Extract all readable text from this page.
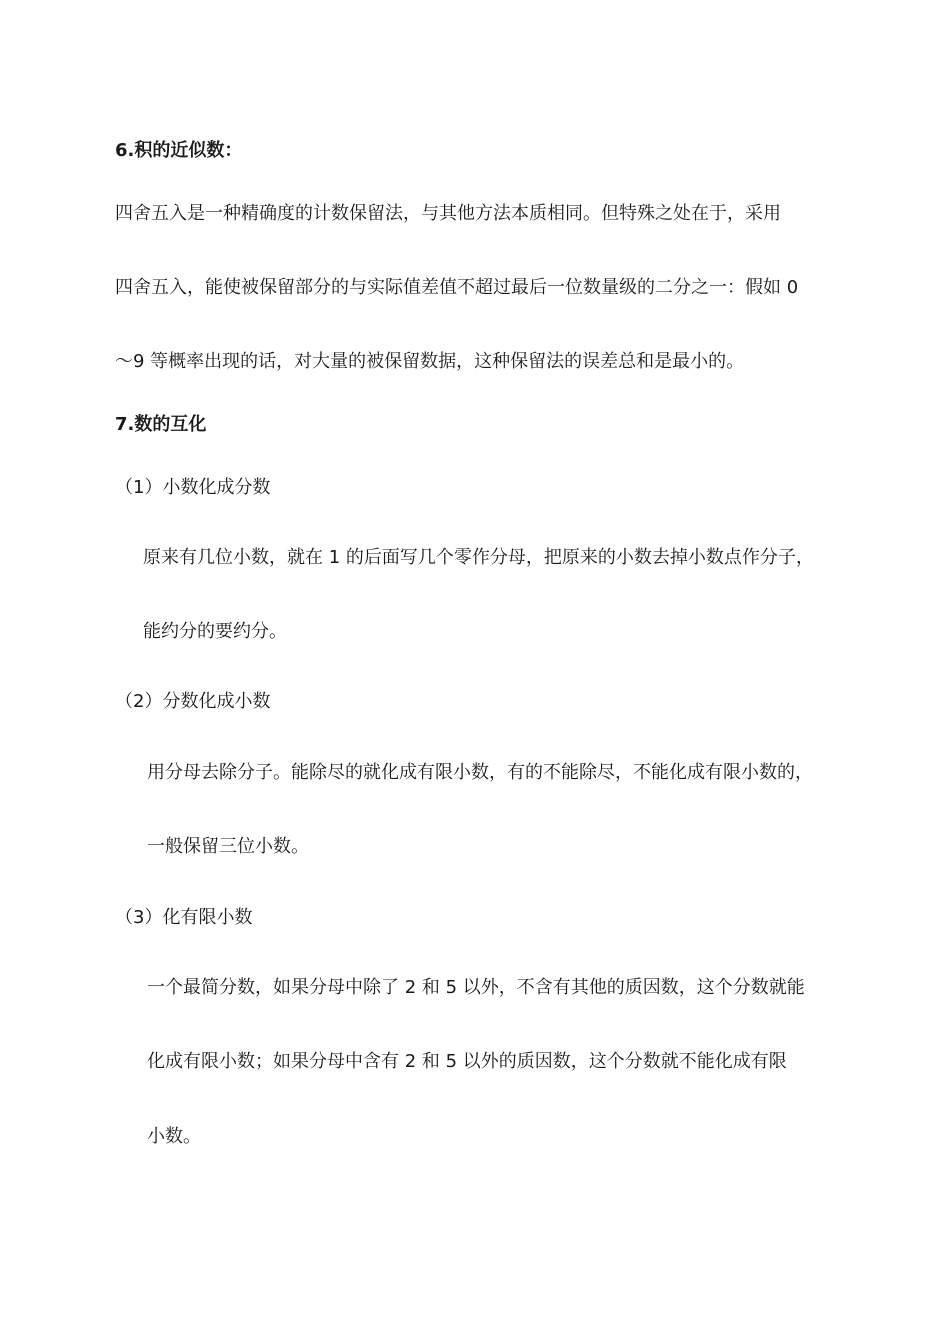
6.积的近似数：
四舍五入是一种精确度的计数保留法，与其他方法本质相同。但特殊之处在于，采用
四舍五入，能使被保留部分的与实际值差值不超过最后一位数量级的二分之一：假如 0
～9 等概率出现的话，对大量的被保留数据，这种保留法的误差总和是最小的。
7.数的互化
（1）小数化成分数
原来有几位小数，就在 1 的后面写几个零作分母，把原来的小数去掉小数点作分子，
能约分的要约分。
（2）分数化成小数
用分母去除分子。能除尽的就化成有限小数，有的不能除尽，不能化成有限小数的，
一般保留三位小数。
（3）化有限小数
一个最简分数，如果分母中除了 2 和 5 以外，不含有其他的质因数，这个分数就能
化成有限小数；如果分母中含有 2 和 5 以外的质因数，这个分数就不能化成有限
小数。
